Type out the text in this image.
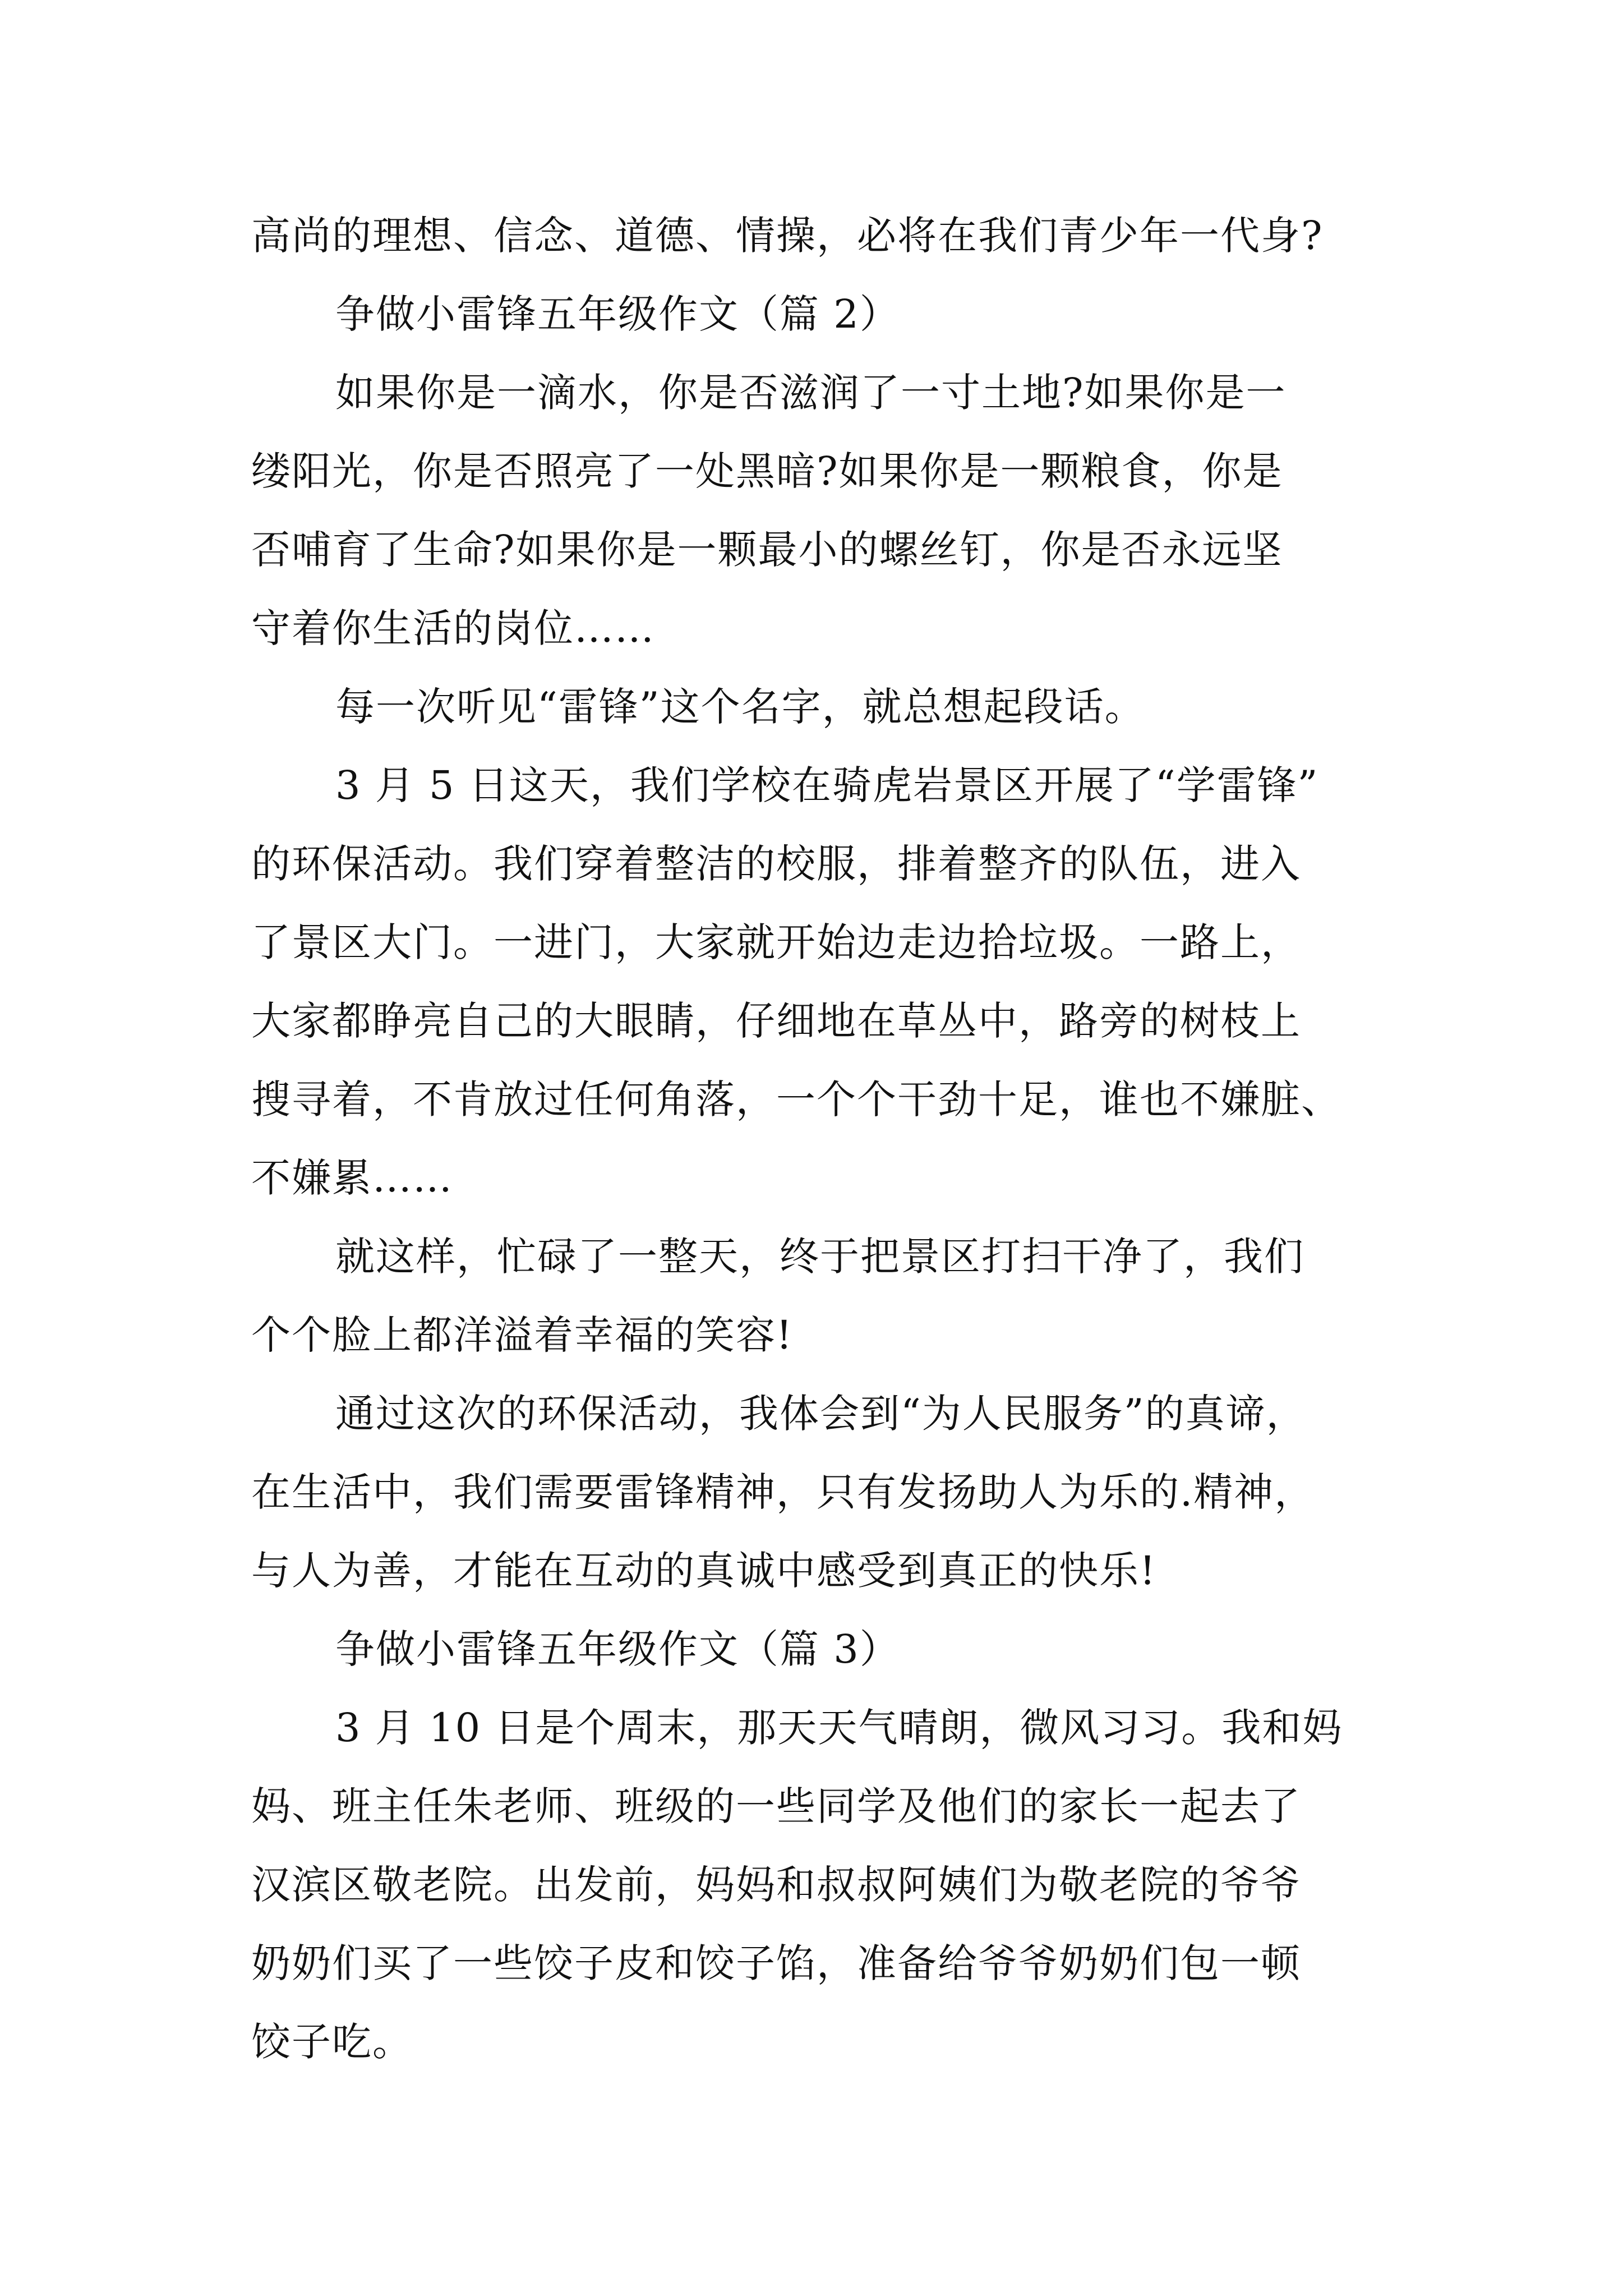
高尚的理想、信念、道德、情操，必将在我们青少年一代身?
争做小雷锋五年级作文（篇 2）
如果你是一滴水，你是否滋润了一寸土地?如果你是一
缕阳光，你是否照亮了一处黑暗?如果你是一颗粮食，你是
否哺育了生命?如果你是一颗最小的螺丝钉，你是否永远坚
守着你生活的岗位……
每一次听见“雷锋”这个名字，就总想起段话。
3 月 5 日这天，我们学校在骑虎岩景区开展了“学雷锋”
的环保活动。我们穿着整洁的校服，排着整齐的队伍，进入
了景区大门。一进门，大家就开始边走边拾垃圾。一路上，
大家都睁亮自己的大眼睛，仔细地在草丛中，路旁的树枝上
搜寻着，不肯放过任何角落，一个个干劲十足，谁也不嫌脏、
不嫌累……
就这样，忙碌了一整天，终于把景区打扫干净了，我们
个个脸上都洋溢着幸福的笑容!
通过这次的环保活动，我体会到“为人民服务”的真谛，
在生活中，我们需要雷锋精神，只有发扬助人为乐的.精神，
与人为善，才能在互动的真诚中感受到真正的快乐!
争做小雷锋五年级作文（篇 3）
3 月 10 日是个周末，那天天气晴朗，微风习习。我和妈
妈、班主任朱老师、班级的一些同学及他们的家长一起去了
汉滨区敬老院。出发前，妈妈和叔叔阿姨们为敬老院的爷爷
奶奶们买了一些饺子皮和饺子馅，准备给爷爷奶奶们包一顿
饺子吃。
